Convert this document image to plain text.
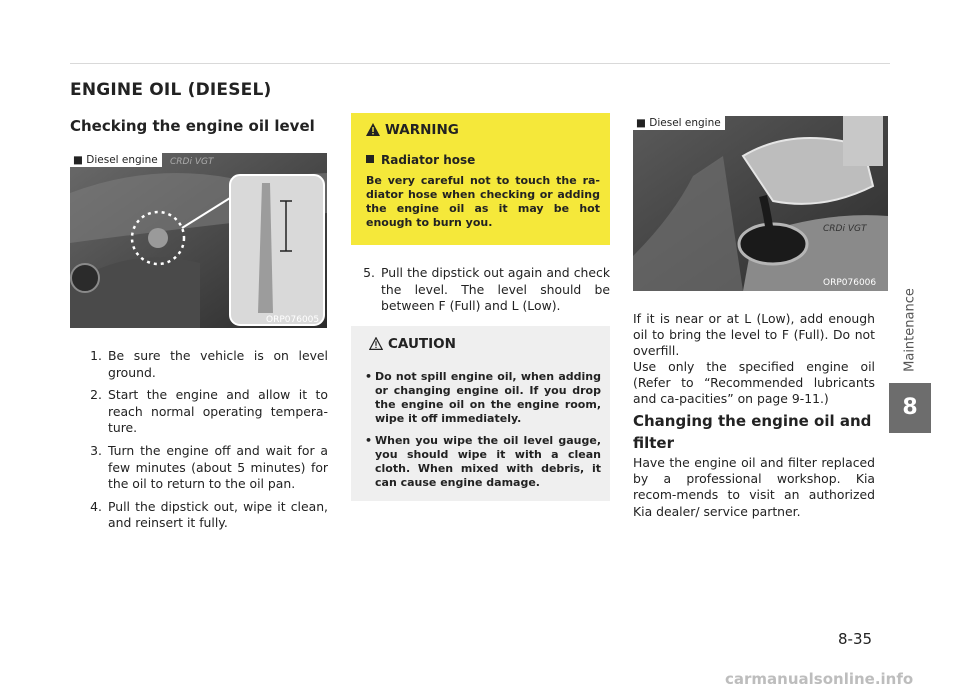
ENGINE OIL (DIESEL)
Checking the engine oil level
CRDi VGT
■ Diesel engine
ORP076005
1. Be sure the vehicle is on level ground.
2. Start the engine and allow it to reach normal operating tempera-ture.
3. Turn the engine off and wait for a few minutes (about 5 minutes) for the oil to return to the oil pan.
4. Pull the dipstick out, wipe it clean, and reinsert it fully.
WARNING
Radiator hose
Be very careful not to touch the ra-diator hose when checking or adding the engine oil as it may be hot enough to burn you.
5. Pull the dipstick out again and check the level. The level should be between F (Full) and L (Low).
CAUTION
• Do not spill engine oil, when adding or changing engine oil. If you drop the engine oil on the engine room, wipe it off immediately.
• When you wipe the oil level gauge, you should wipe it with a clean cloth. When mixed with debris, it can cause engine damage.
CRDi VGT
■ Diesel engine
ORP076006
If it is near or at L (Low), add enough oil to bring the level to F (Full). Do not overfill.
Use only the specified engine oil (Refer to “Recommended lubricants and ca-pacities” on page 9-11.)
Changing the engine oil and filter
Have the engine oil and filter replaced by a professional workshop. Kia recom-mends to visit an authorized Kia dealer/ service partner.
Maintenance
8
8-35
carmanualsonline.info
